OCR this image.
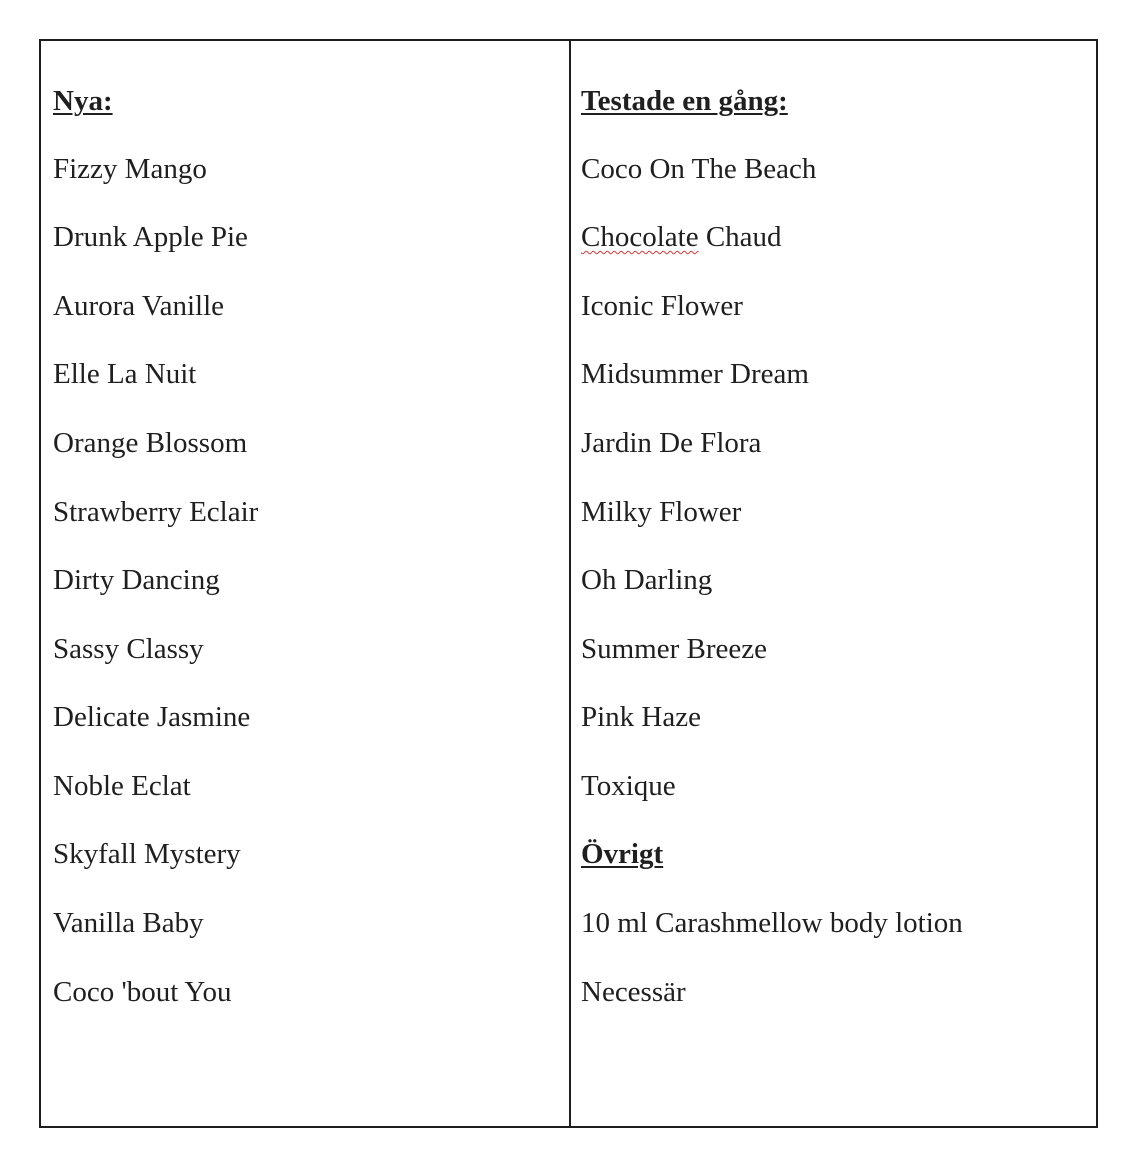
Nya:
Fizzy Mango
Drunk Apple Pie
Aurora Vanille
Elle La Nuit
Orange Blossom
Strawberry Eclair
Dirty Dancing
Sassy Classy
Delicate Jasmine
Noble Eclat
Skyfall Mystery
Vanilla Baby
Coco 'bout You
Testade en gång:
Coco On The Beach
Chocolate Chaud
Iconic Flower
Midsummer Dream
Jardin De Flora
Milky Flower
Oh Darling
Summer Breeze
Pink Haze
Toxique
Övrigt
10 ml Carashmellow body lotion
Necessär
